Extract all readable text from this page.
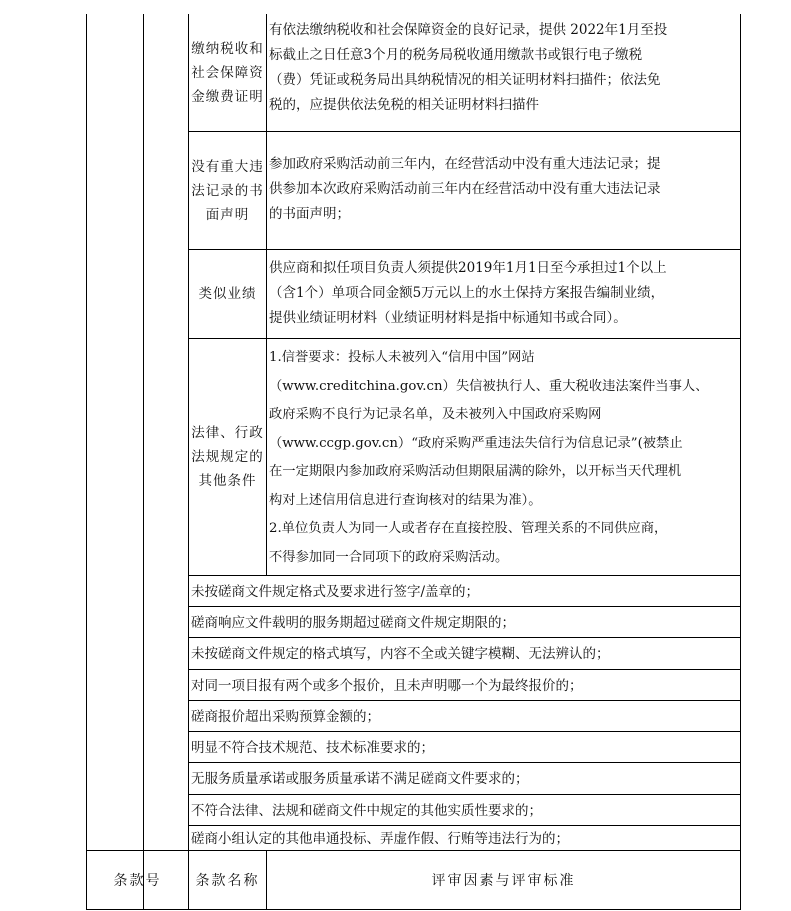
缴纳税收和社会保障资金缴费证明
有依法缴纳税收和社会保障资金的良好记录，提供 2022年1月至投
标截止之日任意3个月的税务局税收通用缴款书或银行电子缴税
（费）凭证或税务局出具纳税情况的相关证明材料扫描件；依法免
税的，应提供依法免税的相关证明材料扫描件
没有重大违法记录的书面声明
参加政府采购活动前三年内，在经营活动中没有重大违法记录；提
供参加本次政府采购活动前三年内在经营活动中没有重大违法记录
的书面声明；
类似业绩
供应商和拟任项目负责人须提供2019年1月1日至今承担过1个以上
（含1个）单项合同金额5万元以上的水土保持方案报告编制业绩，
提供业绩证明材料（业绩证明材料是指中标通知书或合同）。
法律、行政法规规定的其他条件
1.信誉要求：投标人未被列入“信用中国”网站
（www.creditchina.gov.cn）失信被执行人、重大税收违法案件当事人、
政府采购不良行为记录名单，及未被列入中国政府采购网
（www.ccgp.gov.cn）“政府采购严重违法失信行为信息记录”(被禁止
在一定期限内参加政府采购活动但期限届满的除外，以开标当天代理机
构对上述信用信息进行查询核对的结果为准）。
2.单位负责人为同一人或者存在直接控股、管理关系的不同供应商，
不得参加同一合同项下的政府采购活动。
未按磋商文件规定格式及要求进行签字/盖章的；
磋商响应文件载明的服务期超过磋商文件规定期限的；
未按磋商文件规定的格式填写，内容不全或关键字模糊、无法辨认的；
对同一项目报有两个或多个报价，且未声明哪一个为最终报价的；
磋商报价超出采购预算金额的；
明显不符合技术规范、技术标准要求的；
无服务质量承诺或服务质量承诺不满足磋商文件要求的；
不符合法律、法规和磋商文件中规定的其他实质性要求的；
磋商小组认定的其他串通投标、弄虚作假、行贿等违法行为的；
条款号	条款名称	评审因素与评审标准
